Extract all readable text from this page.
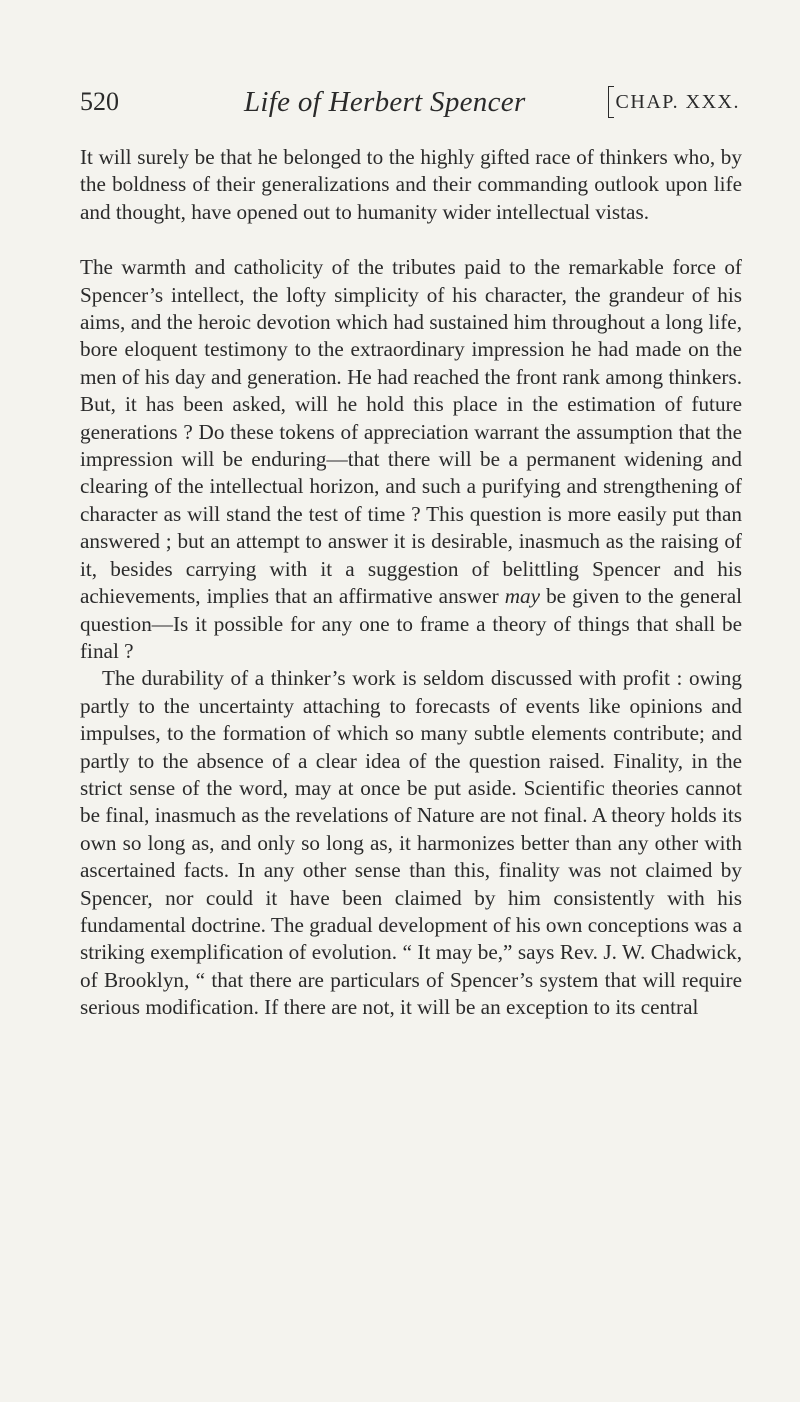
520	Life of Herbert Spencer	CHAP. XXX.

It will surely be that he belonged to the highly gifted race of thinkers who, by the boldness of their generalizations and their commanding outlook upon life and thought, have opened out to humanity wider intellectual vistas.

The warmth and catholicity of the tributes paid to the remarkable force of Spencer’s intellect, the lofty simplicity of his character, the grandeur of his aims, and the heroic devotion which had sustained him throughout a long life, bore eloquent testimony to the extraordinary impression he had made on the men of his day and generation. He had reached the front rank among thinkers. But, it has been asked, will he hold this place in the estimation of future generations ? Do these tokens of appreciation warrant the assumption that the impression will be enduring—that there will be a permanent widening and clearing of the intellectual horizon, and such a purifying and strengthening of character as will stand the test of time ? This question is more easily put than answered ; but an attempt to answer it is desirable, inasmuch as the raising of it, besides carrying with it a suggestion of belittling Spencer and his achievements, implies that an affirmative answer may be given to the general question—Is it possible for any one to frame a theory of things that shall be final ?

The durability of a thinker’s work is seldom discussed with profit : owing partly to the uncertainty attaching to forecasts of events like opinions and impulses, to the formation of which so many subtle elements contribute; and partly to the absence of a clear idea of the question raised. Finality, in the strict sense of the word, may at once be put aside. Scientific theories cannot be final, inasmuch as the revelations of Nature are not final. A theory holds its own so long as, and only so long as, it harmonizes better than any other with ascertained facts. In any other sense than this, finality was not claimed by Spencer, nor could it have been claimed by him consistently with his fundamental doctrine. The gradual development of his own conceptions was a striking exemplification of evolution. “ It may be,” says Rev. J. W. Chadwick, of Brooklyn, “ that there are particulars of Spencer’s system that will require serious modification. If there are not, it will be an exception to its central
